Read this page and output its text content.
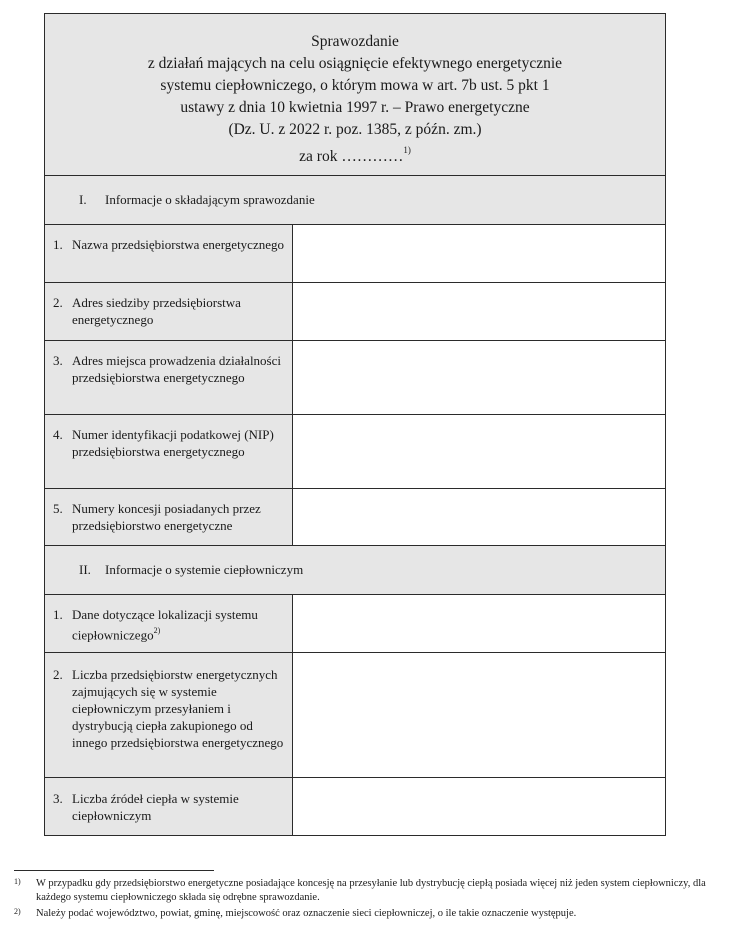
Sprawozdanie
z działań mających na celu osiągnięcie efektywnego energetycznie
systemu ciepłowniczego, o którym mowa w art. 7b ust. 5 pkt 1
ustawy z dnia 10 kwietnia 1997 r. – Prawo energetyczne
(Dz. U. z 2022 r. poz. 1385, z późn. zm.)
za rok …………$^{1)}$
I.	Informacje o składającym sprawozdanie
1. Nazwa przedsiębiorstwa energetycznego
2. Adres siedziby przedsiębiorstwa energetycznego
3. Adres miejsca prowadzenia działalności przedsiębiorstwa energetycznego
4. Numer identyfikacji podatkowej (NIP) przedsiębiorstwa energetycznego
5. Numery koncesji posiadanych przez przedsiębiorstwo energetyczne
II.	Informacje o systemie ciepłowniczym
1. Dane dotyczące lokalizacji systemu ciepłowniczego$^{2)}$
2. Liczba przedsiębiorstw energetycznych zajmujących się w systemie ciepłowniczym przesyłaniem i dystrybucją ciepła zakupionego od innego przedsiębiorstwa energetycznego
3. Liczba źródeł ciepła w systemie ciepłowniczym
1)	W przypadku gdy przedsiębiorstwo energetyczne posiadające koncesję na przesyłanie lub dystrybucję ciepłą posiada więcej niż jeden system ciepłowniczy, dla każdego systemu ciepłowniczego składa się odrębne sprawozdanie.
2)	Należy podać województwo, powiat, gminę, miejscowość oraz oznaczenie sieci ciepłowniczej, o ile takie oznaczenie występuje.
